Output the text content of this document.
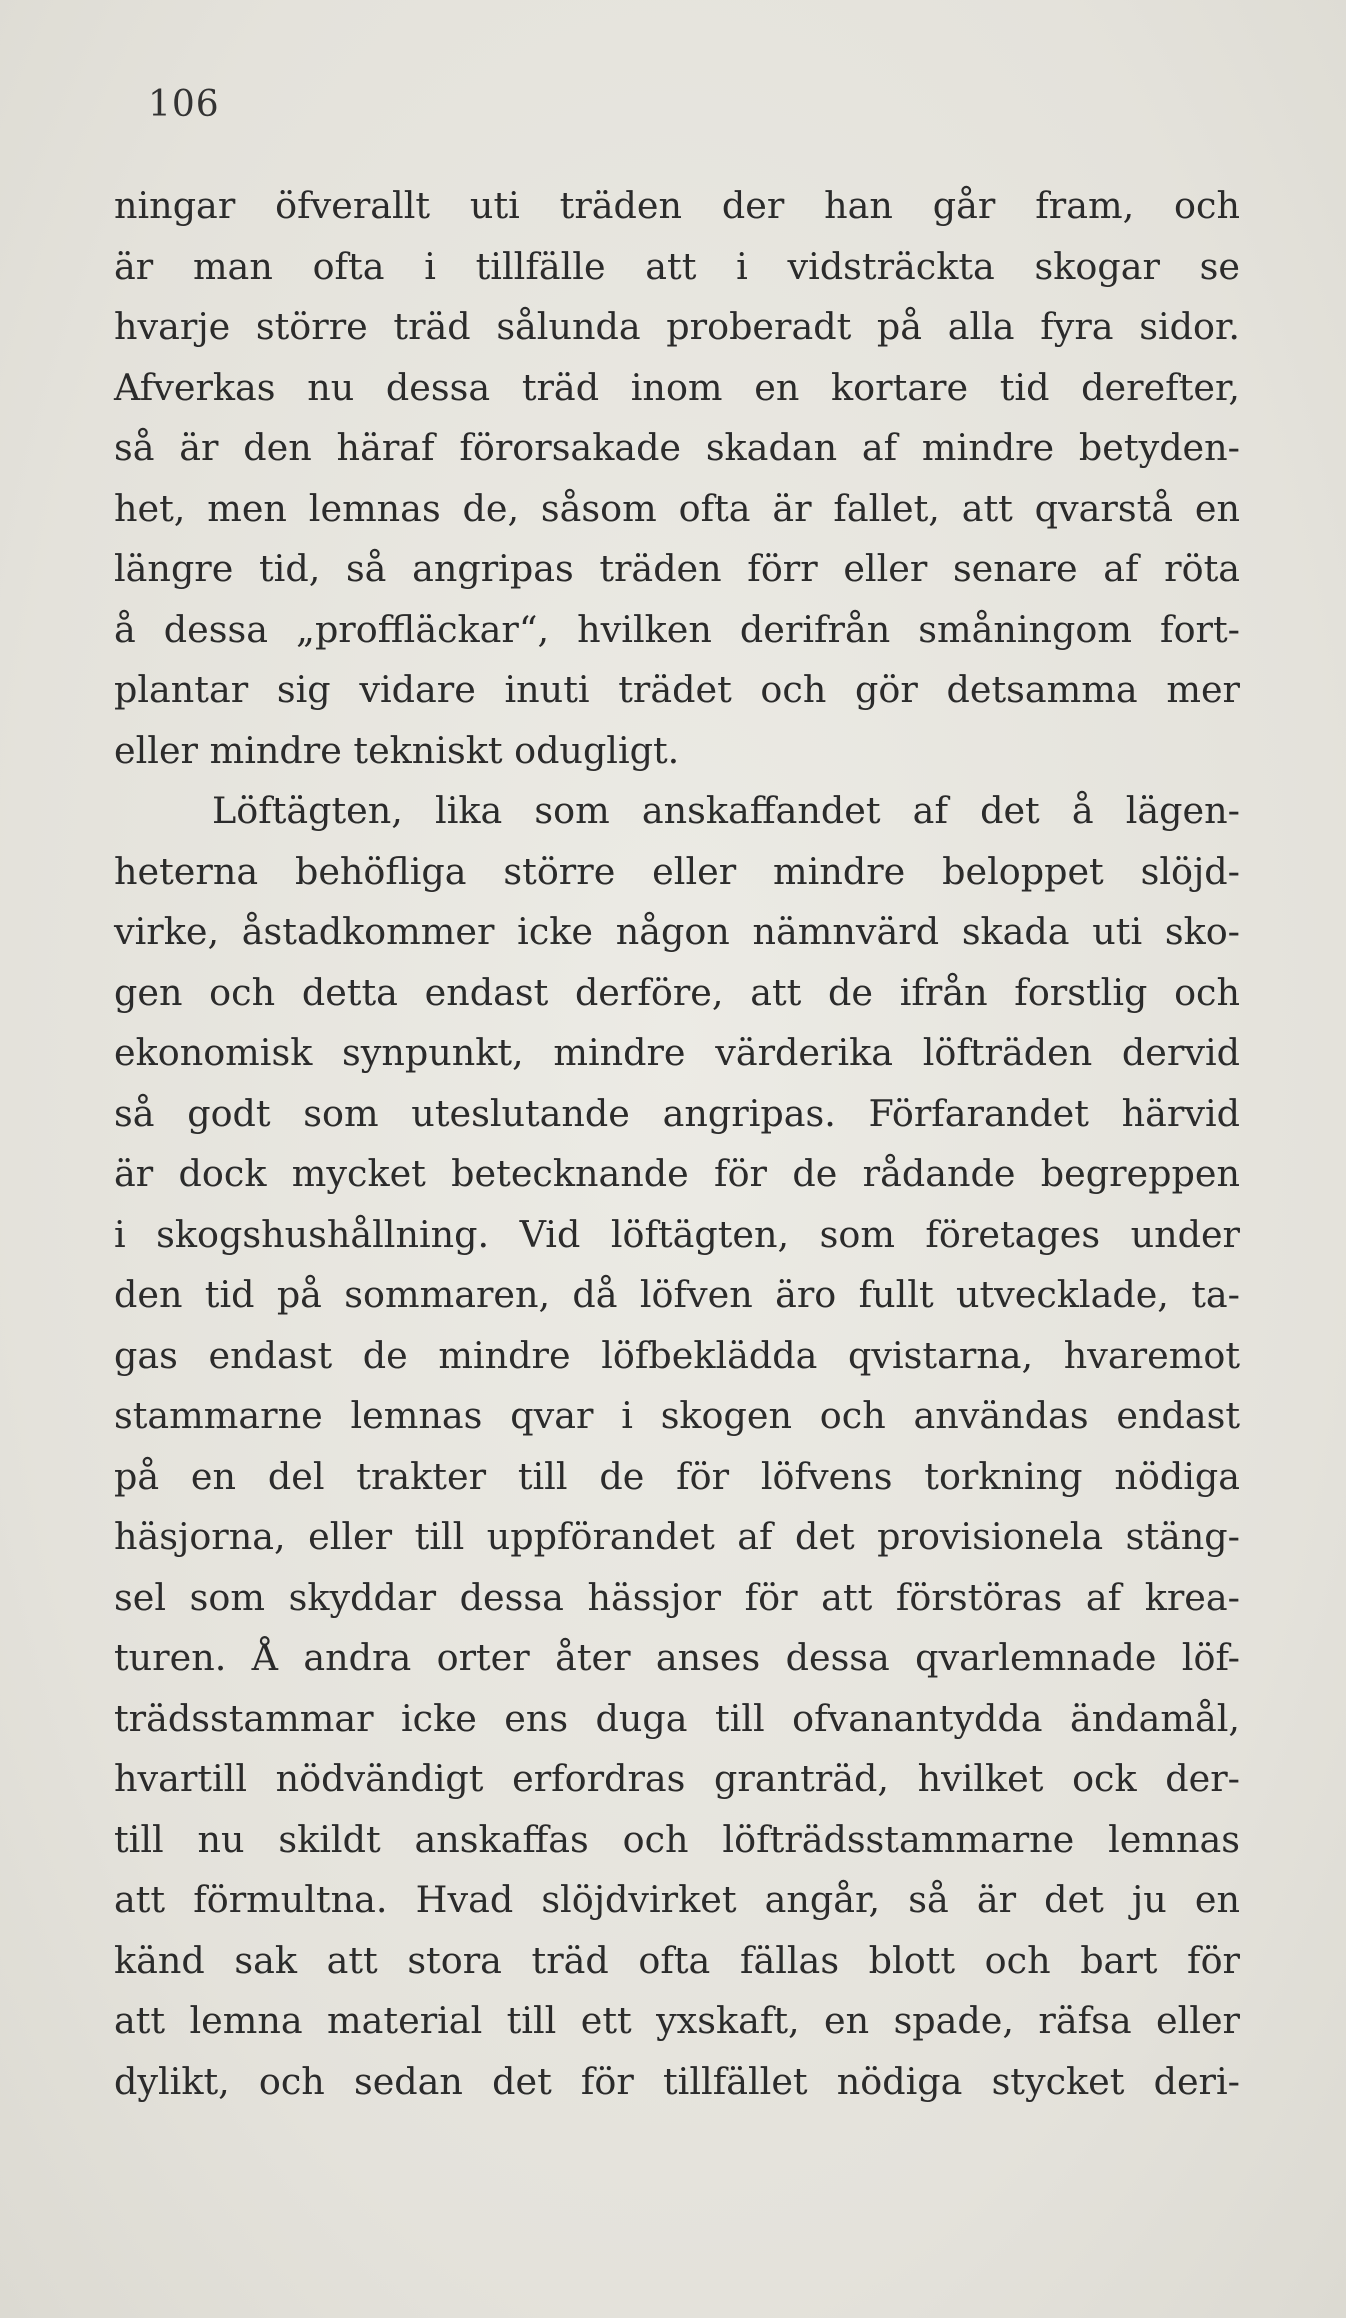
106
ningar öfverallt uti träden der han går fram, och
är man ofta i tillfälle att i vidsträckta skogar se
hvarje större träd sålunda proberadt på alla fyra sidor.
Afverkas nu dessa träd inom en kortare tid derefter,
så är den häraf förorsakade skadan af mindre betyden-
het, men lemnas de, såsom ofta är fallet, att qvarstå en
längre tid, så angripas träden förr eller senare af röta
å dessa „proffläckar“, hvilken derifrån småningom fort-
plantar sig vidare inuti trädet och gör detsamma mer
eller mindre tekniskt odugligt.
Löftägten, lika som anskaffandet af det å lägen-
heterna behöfliga större eller mindre beloppet slöjd-
virke, åstadkommer icke någon nämnvärd skada uti sko-
gen och detta endast derföre, att de ifrån forstlig och
ekonomisk synpunkt, mindre värderika löfträden dervid
så godt som uteslutande angripas. Förfarandet härvid
är dock mycket betecknande för de rådande begreppen
i skogshushållning. Vid löftägten, som företages under
den tid på sommaren, då löfven äro fullt utvecklade, ta-
gas endast de mindre löfbeklädda qvistarna, hvaremot
stammarne lemnas qvar i skogen och användas endast
på en del trakter till de för löfvens torkning nödiga
häsjorna, eller till uppförandet af det provisionela stäng-
sel som skyddar dessa hässjor för att förstöras af krea-
turen. Å andra orter åter anses dessa qvarlemnade löf-
trädsstammar icke ens duga till ofvanantydda ändamål,
hvartill nödvändigt erfordras granträd, hvilket ock der-
till nu skildt anskaffas och löfträdsstammarne lemnas
att förmultna. Hvad slöjdvirket angår, så är det ju en
känd sak att stora träd ofta fällas blott och bart för
att lemna material till ett yxskaft, en spade, räfsa eller
dylikt, och sedan det för tillfället nödiga stycket deri-
